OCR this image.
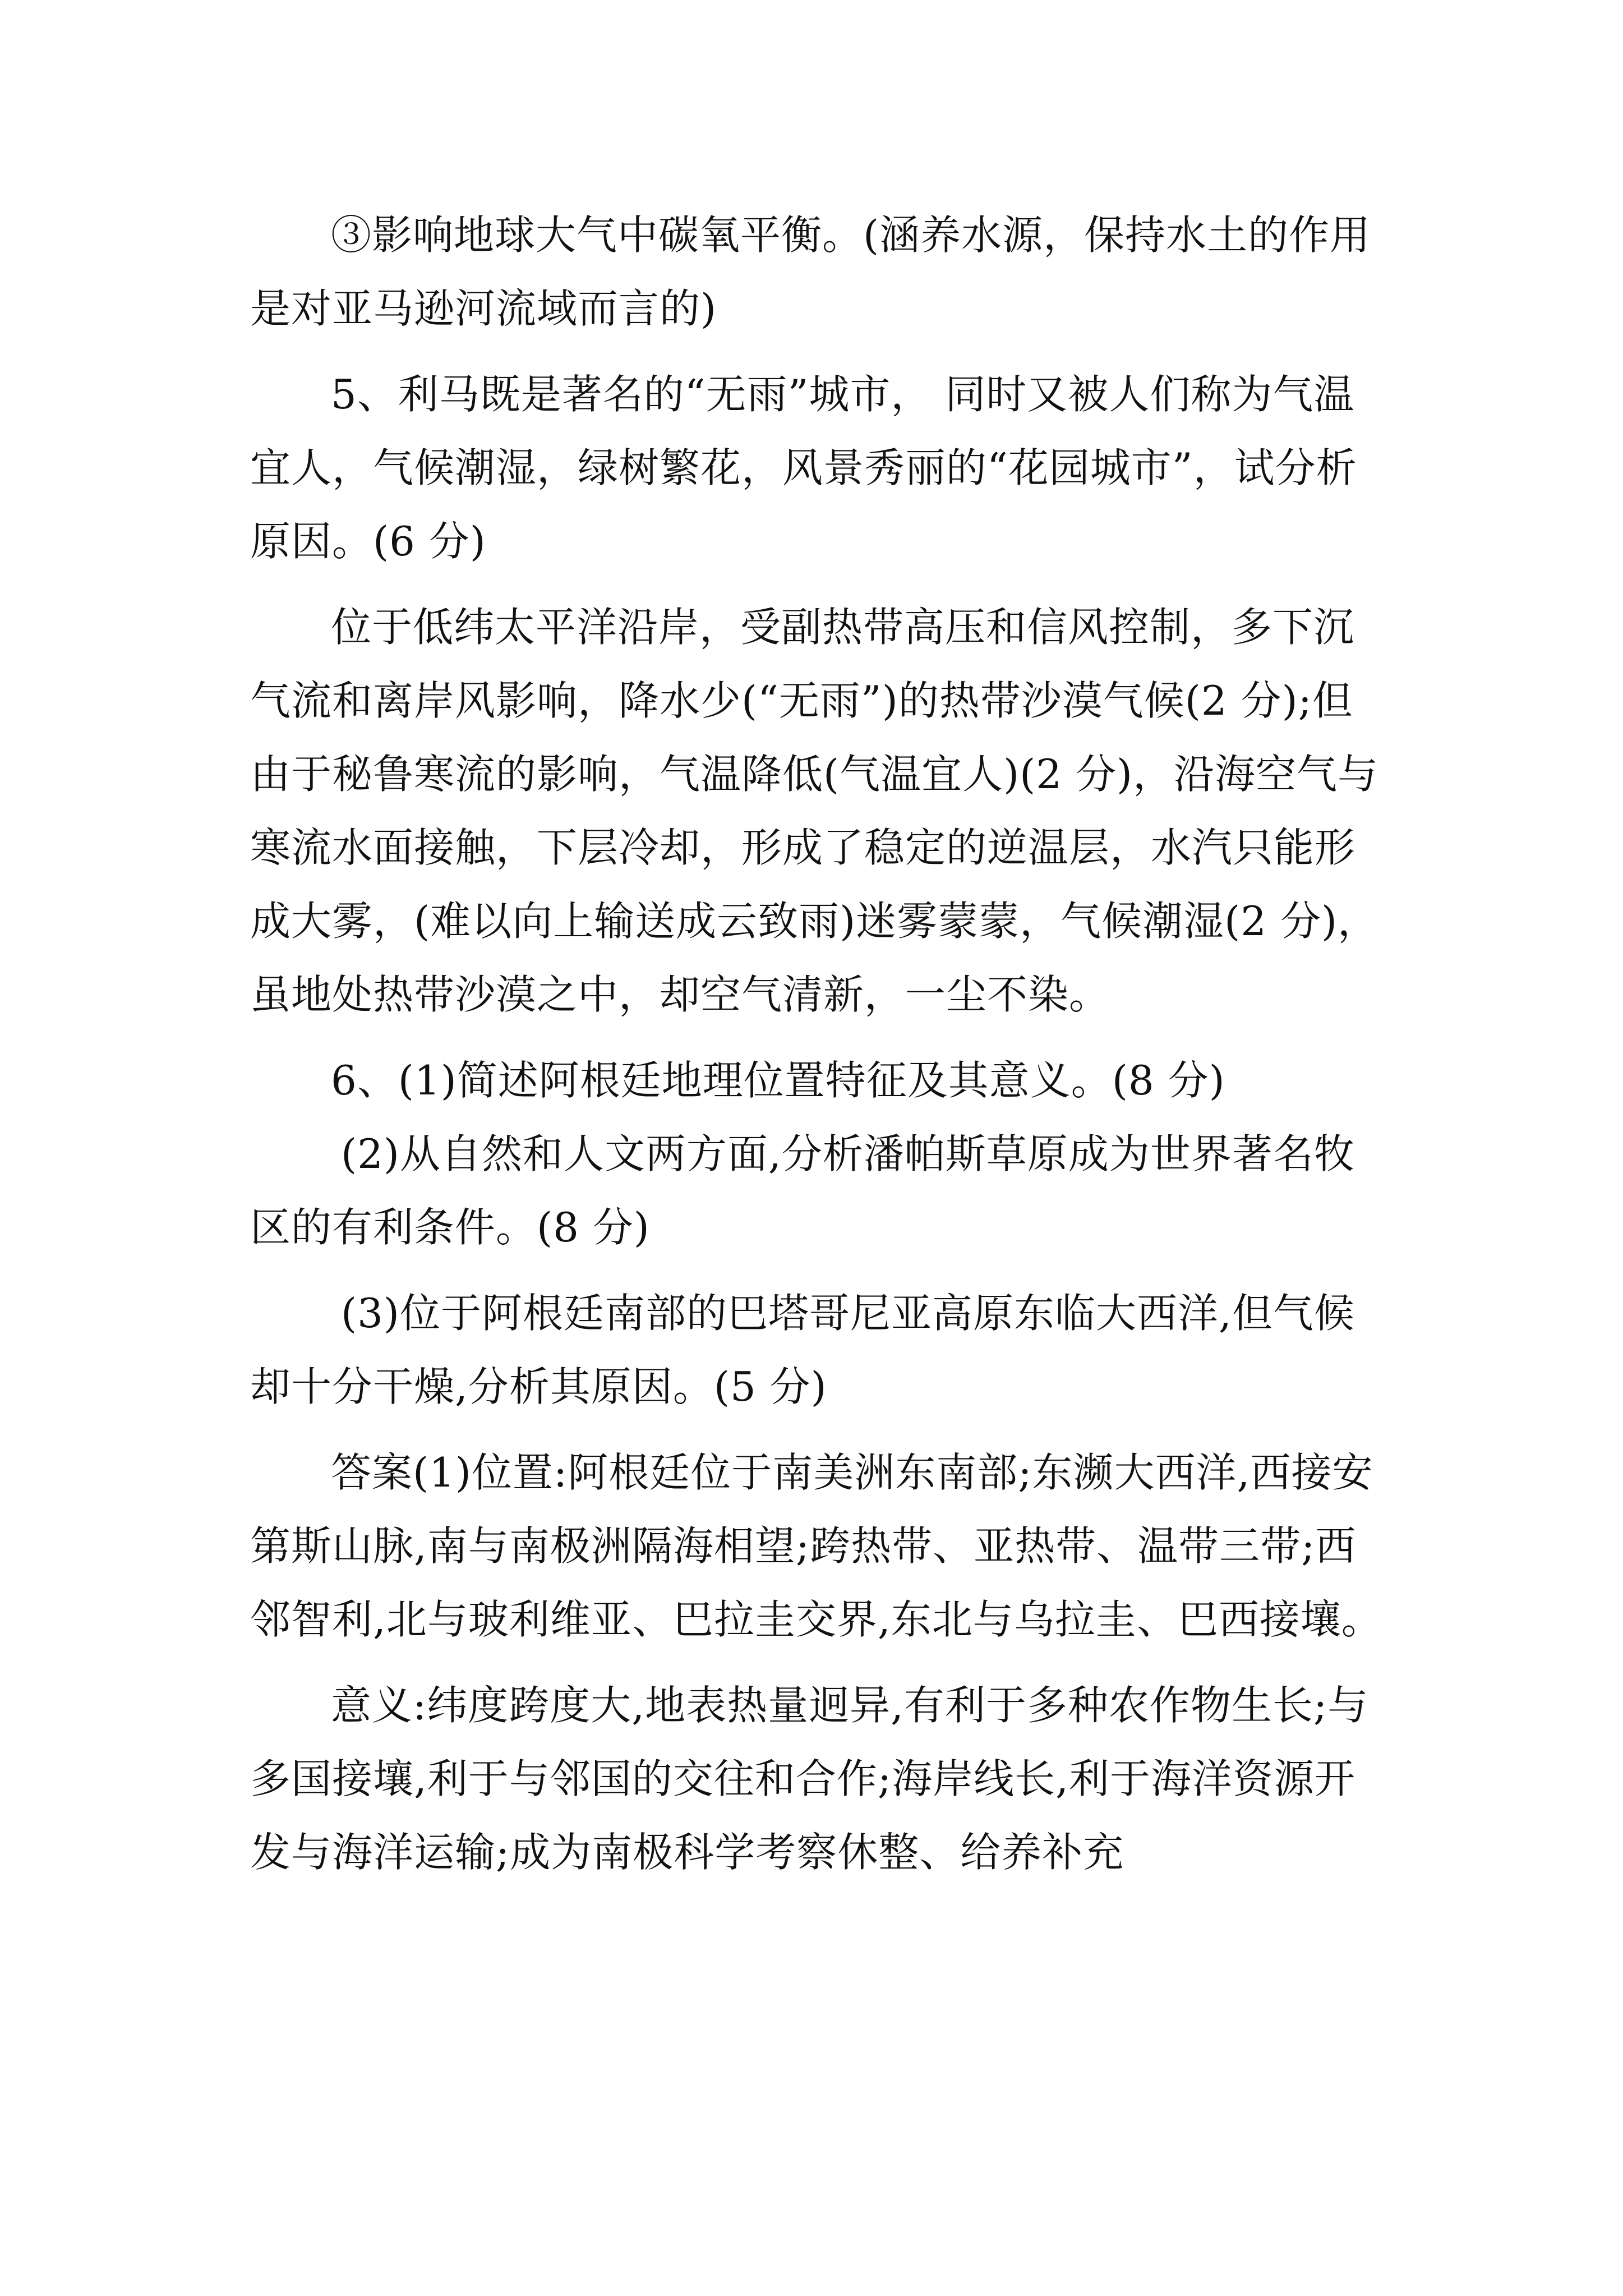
③影响地球大气中碳氧平衡。(涵养水源，保持水土的作用是对亚马逊河流域而言的)

5、利马既是著名的“无雨”城市， 同时又被人们称为气温宜人，气候潮湿，绿树繁花，风景秀丽的“花园城市”，试分析原因。(6 分)

位于低纬太平洋沿岸，受副热带高压和信风控制，多下沉气流和离岸风影响，降水少(“无雨”)的热带沙漠气候(2 分);但由于秘鲁寒流的影响，气温降低(气温宜人)(2 分)，沿海空气与寒流水面接触，下层冷却，形成了稳定的逆温层，水汽只能形成大雾，(难以向上输送成云致雨)迷雾蒙蒙，气候潮湿(2 分)，虽地处热带沙漠之中，却空气清新，一尘不染。

6、(1)简述阿根廷地理位置特征及其意义。(8 分)

(2)从自然和人文两方面,分析潘帕斯草原成为世界著名牧区的有利条件。(8 分)

(3)位于阿根廷南部的巴塔哥尼亚高原东临大西洋,但气候却十分干燥,分析其原因。(5 分)

答案(1)位置:阿根廷位于南美洲东南部;东濒大西洋,西接安第斯山脉,南与南极洲隔海相望;跨热带、亚热带、温带三带;西邻智利,北与玻利维亚、巴拉圭交界,东北与乌拉圭、巴西接壤。

意义:纬度跨度大,地表热量迥异,有利于多种农作物生长;与多国接壤,利于与邻国的交往和合作;海岸线长,利于海洋资源开发与海洋运输;成为南极科学考察休整、给养补充
